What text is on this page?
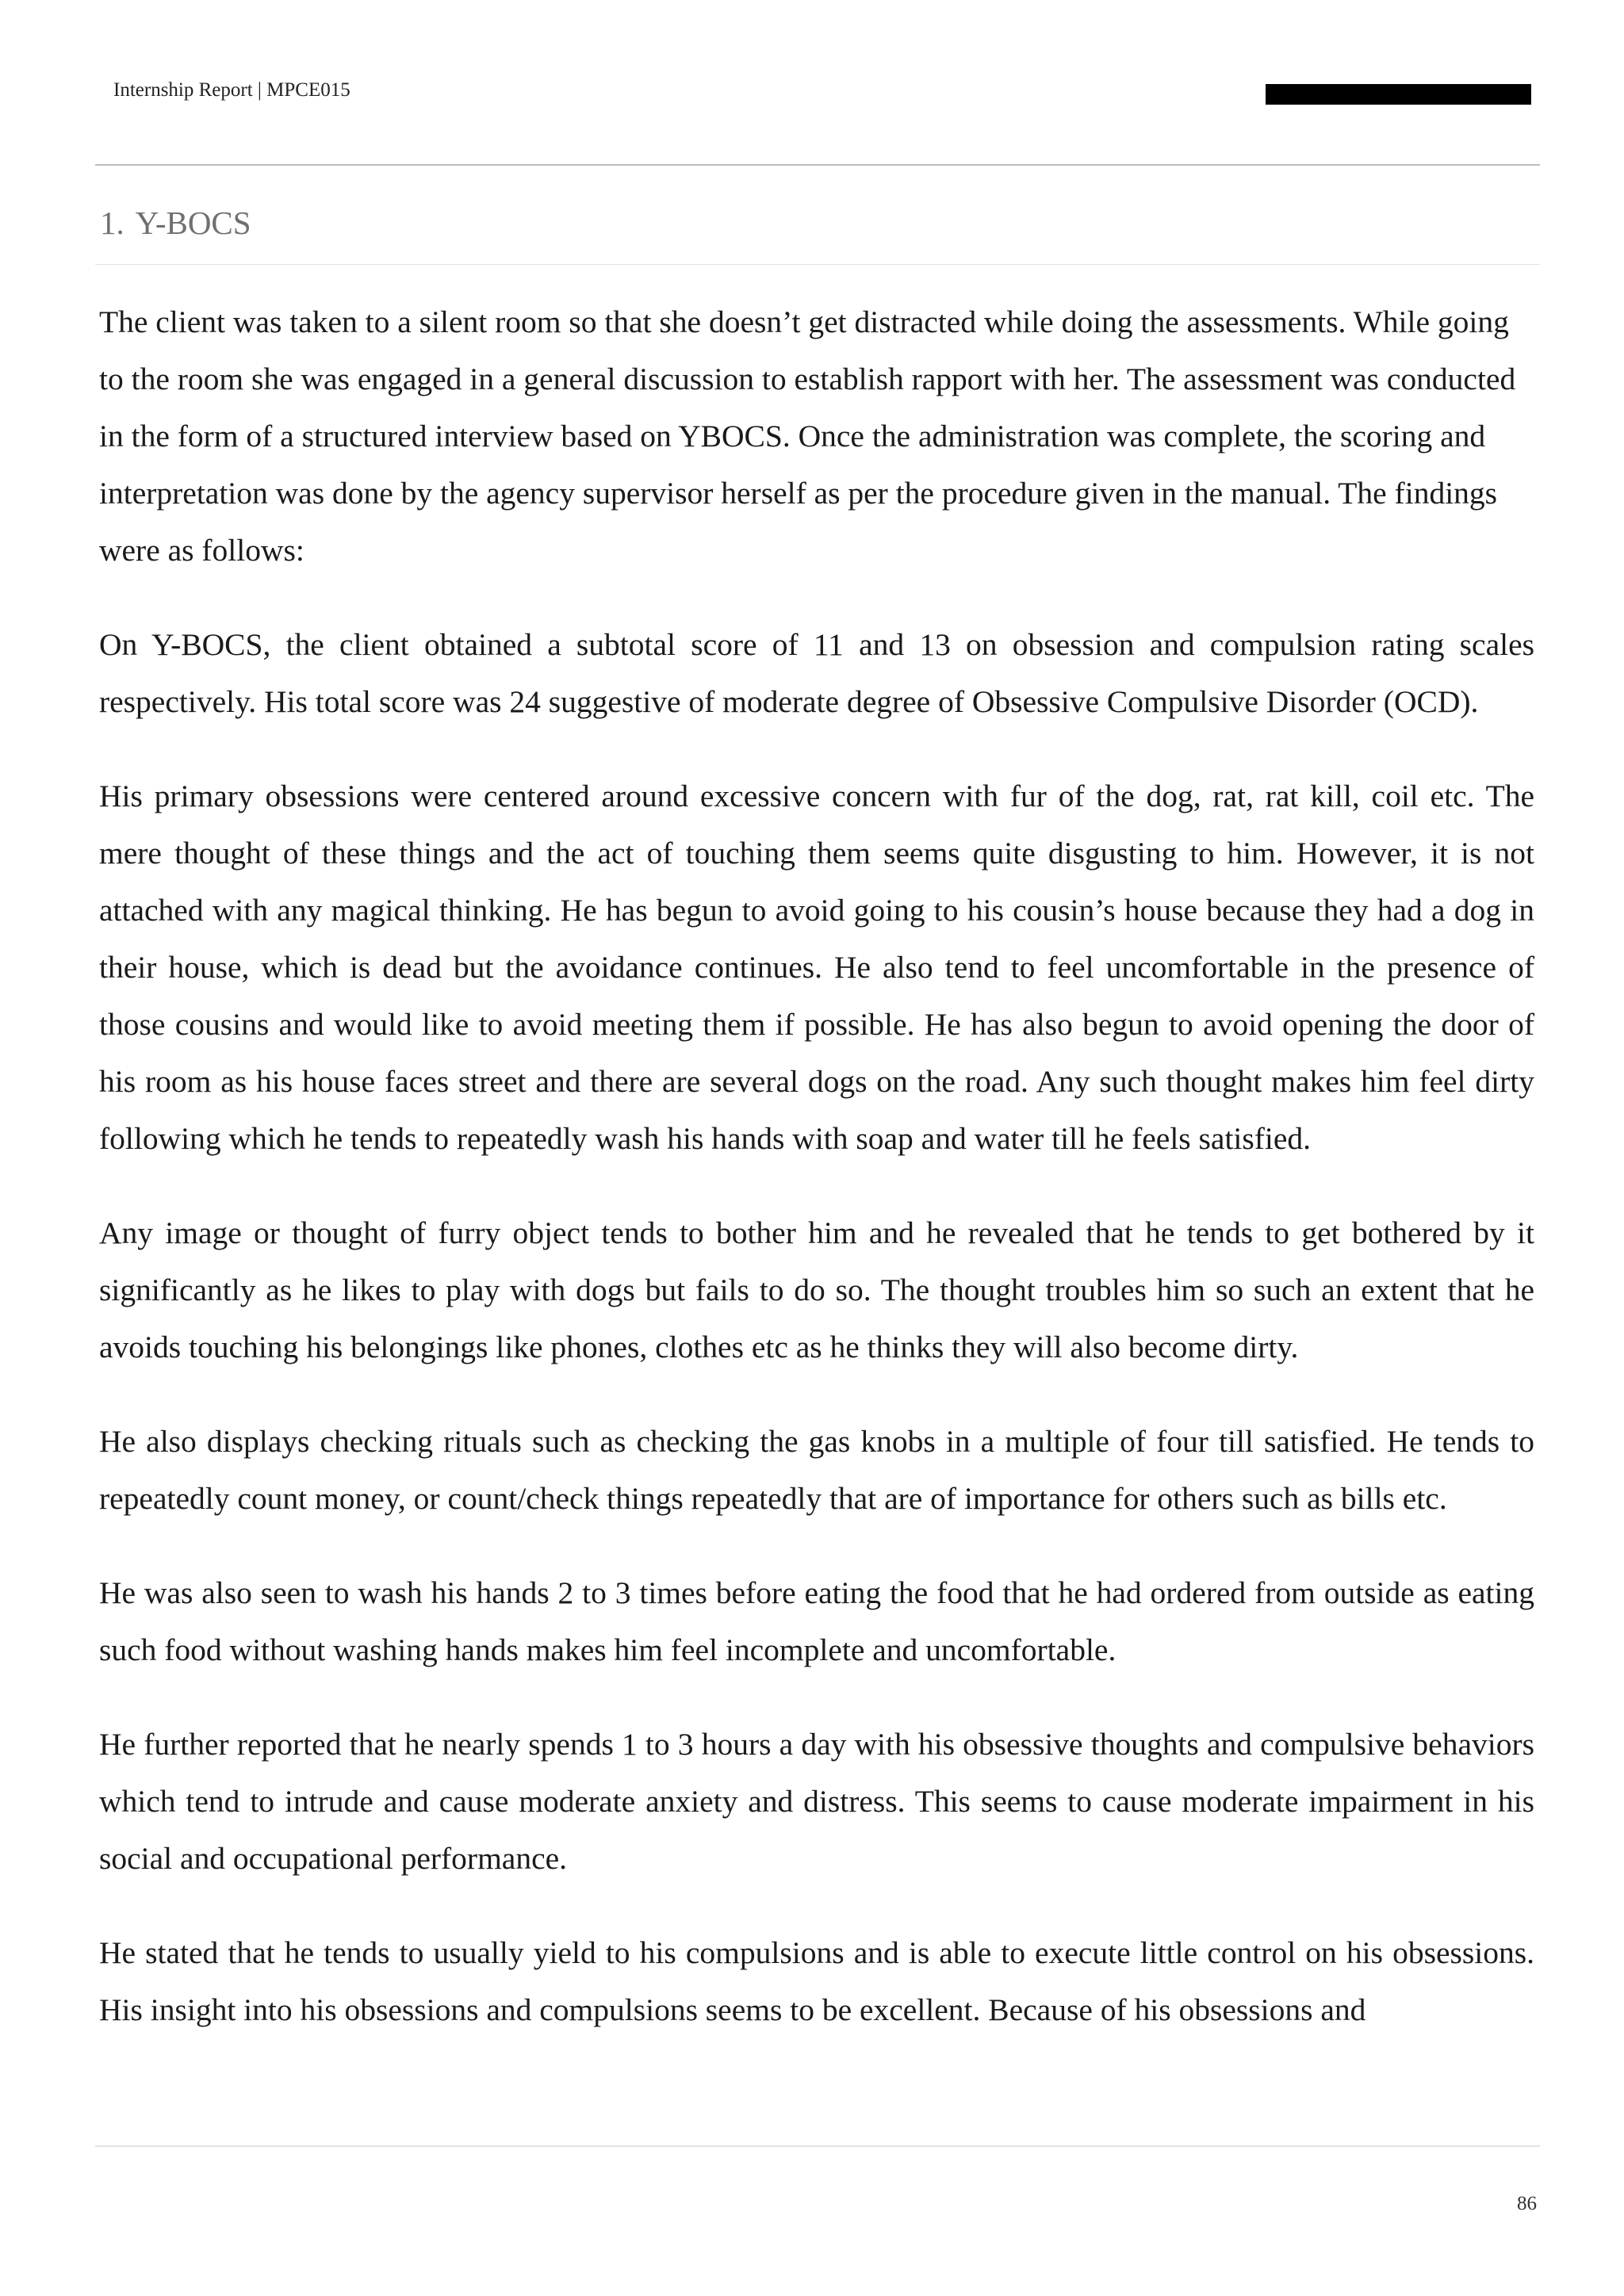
Internship Report | MPCE015
1. Y-BOCS

The client was taken to a silent room so that she doesn’t get distracted while doing the assessments. While going to the room she was engaged in a general discussion to establish rapport with her. The assessment was conducted in the form of a structured interview based on YBOCS. Once the administration was complete, the scoring and interpretation was done by the agency supervisor herself as per the procedure given in the manual. The findings were as follows:

On Y-BOCS, the client obtained a subtotal score of 11 and 13 on obsession and compulsion rating scales respectively. His total score was 24 suggestive of moderate degree of Obsessive Compulsive Disorder (OCD).

His primary obsessions were centered around excessive concern with fur of the dog, rat, rat kill, coil etc. The mere thought of these things and the act of touching them seems quite disgusting to him. However, it is not attached with any magical thinking. He has begun to avoid going to his cousin’s house because they had a dog in their house, which is dead but the avoidance continues. He also tend to feel uncomfortable in the presence of those cousins and would like to avoid meeting them if possible. He has also begun to avoid opening the door of his room as his house faces street and there are several dogs on the road. Any such thought makes him feel dirty following which he tends to repeatedly wash his hands with soap and water till he feels satisfied.

Any image or thought of furry object tends to bother him and he revealed that he tends to get bothered by it significantly as he likes to play with dogs but fails to do so. The thought troubles him so such an extent that he avoids touching his belongings like phones, clothes etc as he thinks they will also become dirty.

He also displays checking rituals such as checking the gas knobs in a multiple of four till satisfied. He tends to repeatedly count money, or count/check things repeatedly that are of importance for others such as bills etc.

He was also seen to wash his hands 2 to 3 times before eating the food that he had ordered from outside as eating such food without washing hands makes him feel incomplete and uncomfortable.

He further reported that he nearly spends 1 to 3 hours a day with his obsessive thoughts and compulsive behaviors which tend to intrude and cause moderate anxiety and distress. This seems to cause moderate impairment in his social and occupational performance.

He stated that he tends to usually yield to his compulsions and is able to execute little control on his obsessions. His insight into his obsessions and compulsions seems to be excellent. Because of his obsessions and

86
